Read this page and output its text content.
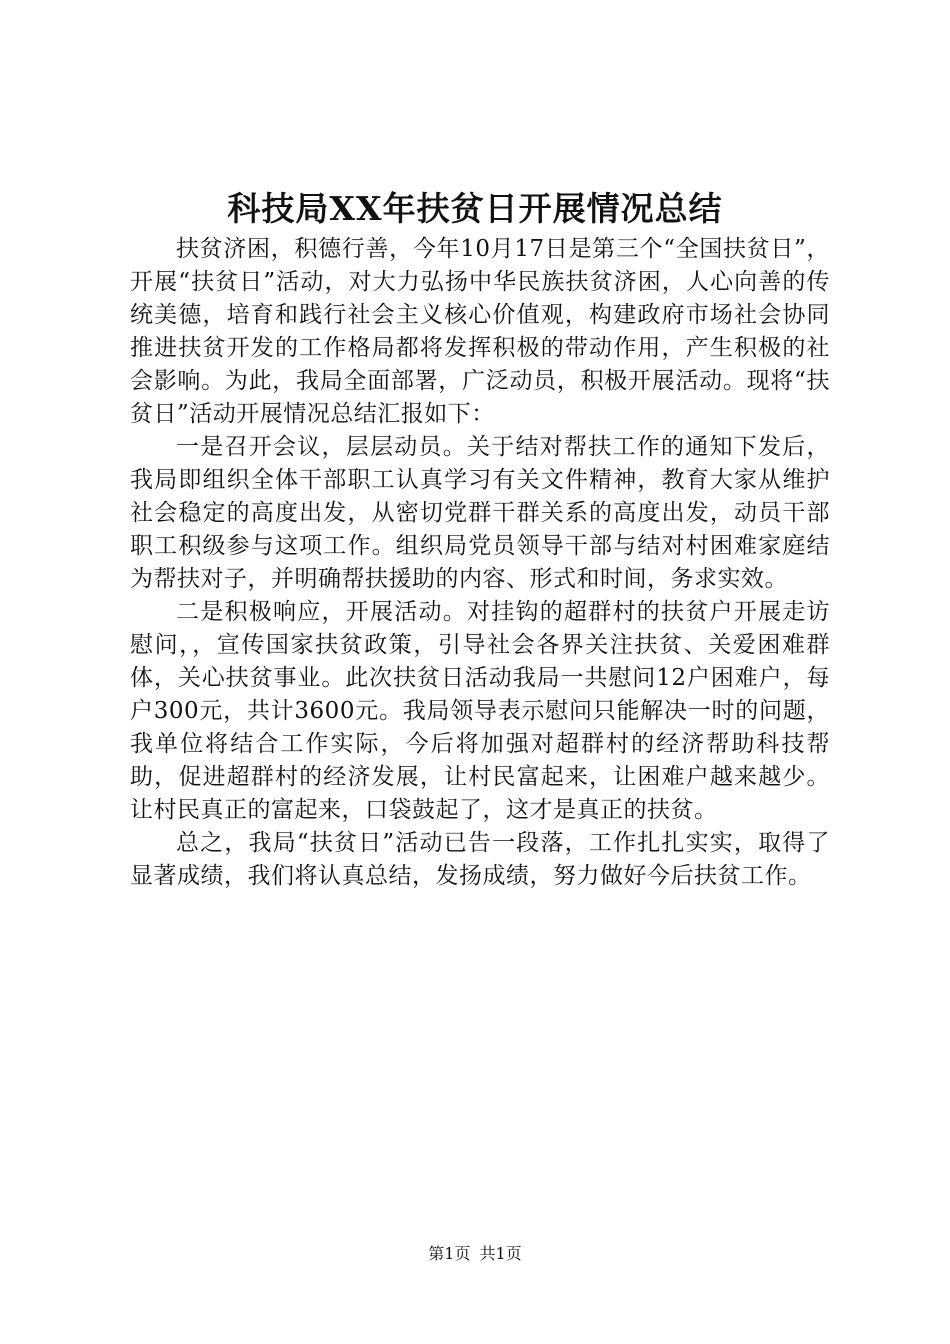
科技局XX年扶贫日开展情况总结

扶贫济困，积德行善，今年10月17日是第三个“全国扶贫日”，开展“扶贫日”活动，对大力弘扬中华民族扶贫济困，人心向善的传统美德，培育和践行社会主义核心价值观，构建政府市场社会协同推进扶贫开发的工作格局都将发挥积极的带动作用，产生积极的社会影响。为此，我局全面部署，广泛动员，积极开展活动。现将“扶贫日”活动开展情况总结汇报如下：

一是召开会议，层层动员。关于结对帮扶工作的通知下发后，我局即组织全体干部职工认真学习有关文件精神，教育大家从维护社会稳定的高度出发，从密切党群干群关系的高度出发，动员干部职工积级参与这项工作。组织局党员领导干部与结对村困难家庭结为帮扶对子，并明确帮扶援助的内容、形式和时间，务求实效。

二是积极响应，开展活动。对挂钩的超群村的扶贫户开展走访慰问，，宣传国家扶贫政策，引导社会各界关注扶贫、关爱困难群体，关心扶贫事业。此次扶贫日活动我局一共慰问12户困难户，每户300元，共计3600元。我局领导表示慰问只能解决一时的问题，我单位将结合工作实际，今后将加强对超群村的经济帮助科技帮助，促进超群村的经济发展，让村民富起来，让困难户越来越少。让村民真正的富起来，口袋鼓起了，这才是真正的扶贫。

总之，我局“扶贫日”活动已告一段落，工作扎扎实实，取得了显著成绩，我们将认真总结，发扬成绩，努力做好今后扶贫工作。

第1页 共1页
